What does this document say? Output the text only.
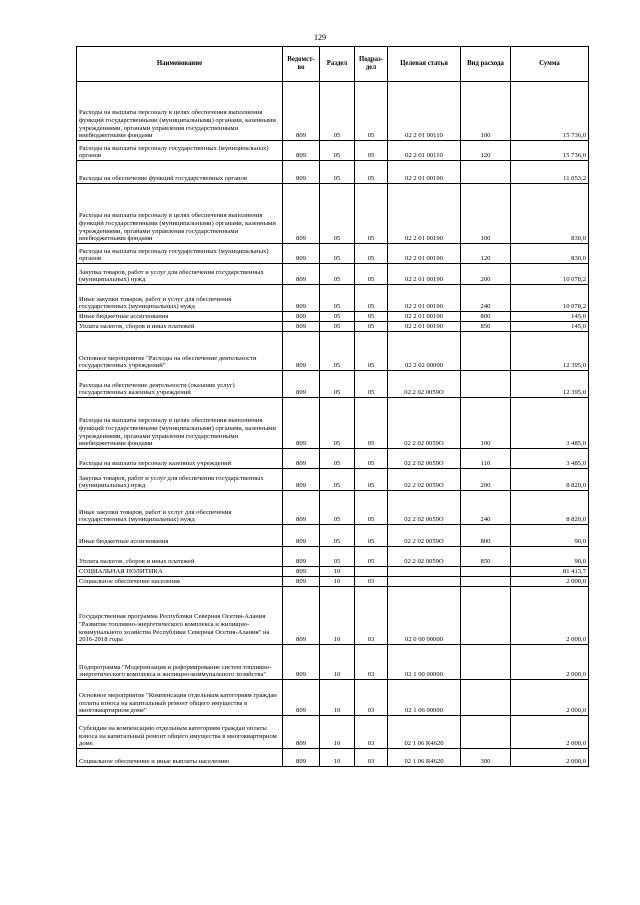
129
Наименование	Ведомст-во	Раздел	Подраз-дел	Целевая статья	Вид расхода	Сумма
Расходы на выплаты персоналу в целях обеспечения выполнения функций государственными (муниципальными) органами, казенными учреждениями, органами управления государственными внебюджетными фондами	809	05	05	02 2 01 00110	100	15 736,0
Расходы на выплаты персоналу государственных (муниципальных) органов	809	05	05	02 2 01 00110	120	15 736,0
Расходы на обеспечение функций государственных органов	809	05	05	02 2 01 00190		11 053,2
Расходы на выплаты персоналу в целях обеспечения выполнения функций государственными (муниципальными) органами, казенными учреждениями, органами управления государственными внебюджетными фондами	809	05	05	02 2 01 00190	100	830,0
Расходы на выплаты персоналу государственных (муниципальных) органов	809	05	05	02 2 01 00190	120	830,0
Закупка товаров, работ и услуг для обеспечения государственных (муниципальных) нужд	809	05	05	02 2 01 00190	200	10 078,2
Иные закупки товаров, работ и услуг для обеспечения государственных (муниципальных) нужд	809	05	05	02 2 01 00190	240	10 078,2
Иные бюджетные ассигнования	809	05	05	02 2 01 00190	800	145,0
Уплата налогов, сборов и иных платежей	809	05	05	02 2 01 00190	850	145,0
Основное мероприятие "Расходы на обеспечение деятельности государственных учреждений"	809	05	05	02 2 02 00000		12 395,0
Расходы на обеспечение деятельности (оказание услуг) государственных казенных учреждений	809	05	05	02 2 02 0059O		12 395,0
Расходы на выплаты персоналу в целях обеспечения выполнения функций государственными (муниципальными) органами, казенными учреждениями, органами управления государственными внебюджетными фондами	809	05	05	02 2 02 0059O	100	3 485,0
Расходы на выплаты персоналу казенных учреждений	809	05	05	02 2 02 0059O	110	3 485,0
Закупка товаров, работ и услуг для обеспечения государственных (муниципальных) нужд	809	05	05	02 2 02 0059O	200	8 820,0
Иные закупки товаров, работ и услуг для обеспечения государственных (муниципальных) нужд	809	05	05	02 2 02 0059O	240	8 820,0
Иные бюджетные ассигнования	809	05	05	02 2 02 0059O	800	90,0
Уплата налогов, сборов и иных платежей	809	05	05	02 2 02 0059O	850	90,0
СОЦИАЛЬНАЯ ПОЛИТИКА	809	10				81 413,7
Социальное обеспечение населения	809	10	03			2 000,0
Государственная программа Республики Северная Осетия-Алания "Развитие топливно-энергетического комплекса и жилищно-коммунального хозяйства Республики Северная Осетия-Алания" на 2016-2018 годы	809	10	03	02 0 00 00000		2 000,0
Подпрограмма "Модернизация и реформирование систем топливно-энергетического комплекса и жилищно-коммунального хозяйства"	809	10	03	02 1 00 00000		2 000,0
Основное мероприятие "Компенсация отдельным категориям граждан оплаты взноса на капитальный ремонт общего имущества в многоквартирном доме"	809	10	03	02 1 06 00000		2 000,0
Субсидии на компенсацию отдельным категориям граждан оплаты взноса на капитальный ремонт общего имущества в многоквартирном доме.	809	10	03	02 1 06 R4620		2 000,0
Социальное обеспечение и иные выплаты населению	809	10	03	02 1 06 R4620	300	2 000,0
